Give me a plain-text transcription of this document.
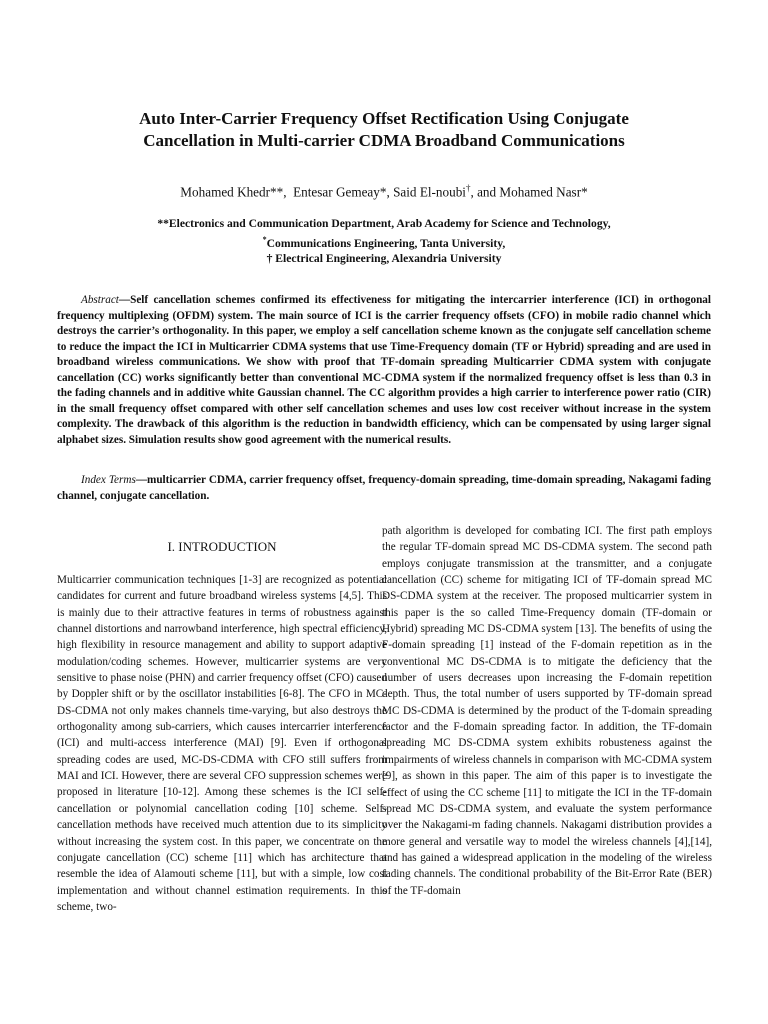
Auto Inter-Carrier Frequency Offset Rectification Using Conjugate
Cancellation in Multi-carrier CDMA Broadband Communications
Mohamed Khedr**, Entesar Gemeay*, Said El-noubi†, and Mohamed Nasr*
**Electronics and Communication Department, Arab Academy for Science and Technology,
*Communications Engineering, Tanta University,
† Electrical Engineering, Alexandria University
Abstract—Self cancellation schemes confirmed its effectiveness for mitigating the intercarrier interference (ICI) in orthogonal frequency multiplexing (OFDM) system. The main source of ICI is the carrier frequency offsets (CFO) in mobile radio channel which destroys the carrier’s orthogonality. In this paper, we employ a self cancellation scheme known as the conjugate self cancellation scheme to reduce the impact the ICI in Multicarrier CDMA systems that use Time-Frequency domain (TF or Hybrid) spreading and are used in broadband wireless communications. We show with proof that TF-domain spreading Multicarrier CDMA system with conjugate cancellation (CC) works significantly better than conventional MC-CDMA system if the normalized frequency offset is less than 0.3 in the fading channels and in additive white Gaussian channel. The CC algorithm provides a high carrier to interference power ratio (CIR) in the small frequency offset compared with other self cancellation schemes and uses low cost receiver without increase in the system complexity. The drawback of this algorithm is the reduction in bandwidth efficiency, which can be compensated by using larger signal alphabet sizes. Simulation results show good agreement with the numerical results.
Index Terms—multicarrier CDMA, carrier frequency offset, frequency-domain spreading, time-domain spreading, Nakagami fading channel, conjugate cancellation.
I. INTRODUCTION
Multicarrier communication techniques [1-3] are recognized as potential candidates for current and future broadband wireless systems [4,5]. This is mainly due to their attractive features in terms of robustness against channel distortions and narrowband interference, high spectral efficiency, high flexibility in resource management and ability to support adaptive modulation/coding schemes. However, multicarrier systems are very sensitive to phase noise (PHN) and carrier frequency offset (CFO) caused by Doppler shift or by the oscillator instabilities [6-8]. The CFO in MC-DS-CDMA not only makes channels time-varying, but also destroys the orthogonality among sub-carriers, which causes intercarrier interference (ICI) and multi-access interference (MAI) [9]. Even if orthogonal spreading codes are used, MC-DS-CDMA with CFO still suffers from MAI and ICI. However, there are several CFO suppression schemes were proposed in literature [10-12]. Among these schemes is the ICI self-cancellation or polynomial cancellation coding [10] scheme. Self-cancellation methods have received much attention due to its simplicity without increasing the system cost. In this paper, we concentrate on the conjugate cancellation (CC) scheme [11] which has architecture that resemble the idea of Alamouti scheme [11], but with a simple, low cost implementation and without channel estimation requirements. In this scheme, two-
path algorithm is developed for combating ICI. The first path employs the regular TF-domain spread MC DS-CDMA system. The second path employs conjugate transmission at the transmitter, and a conjugate cancellation (CC) scheme for mitigating ICI of TF-domain spread MC DS-CDMA system at the receiver. The proposed multicarrier system in this paper is the so called Time-Frequency domain (TF-domain or Hybrid) spreading MC DS-CDMA system [13]. The benefits of using the F-domain spreading [1] instead of the F-domain repetition as in the conventional MC DS-CDMA is to mitigate the deficiency that the number of users decreases upon increasing the F-domain repetition depth. Thus, the total number of users supported by TF-domain spread MC DS-CDMA is determined by the product of the T-domain spreading factor and the F-domain spreading factor. In addition, the TF-domain spreading MC DS-CDMA system exhibits robusteness against the impairments of wireless channels in comparison with MC-CDMA system [9], as shown in this paper. The aim of this paper is to investigate the effect of using the CC scheme [11] to mitigate the ICI in the TF-domain spread MC DS-CDMA system, and evaluate the system performance over the Nakagami-m fading channels. Nakagami distribution provides a more general and versatile way to model the wireless channels [4],[14], and has gained a widespread application in the modeling of the wireless fading channels. The conditional probability of the Bit-Error Rate (BER) of the TF-domain
